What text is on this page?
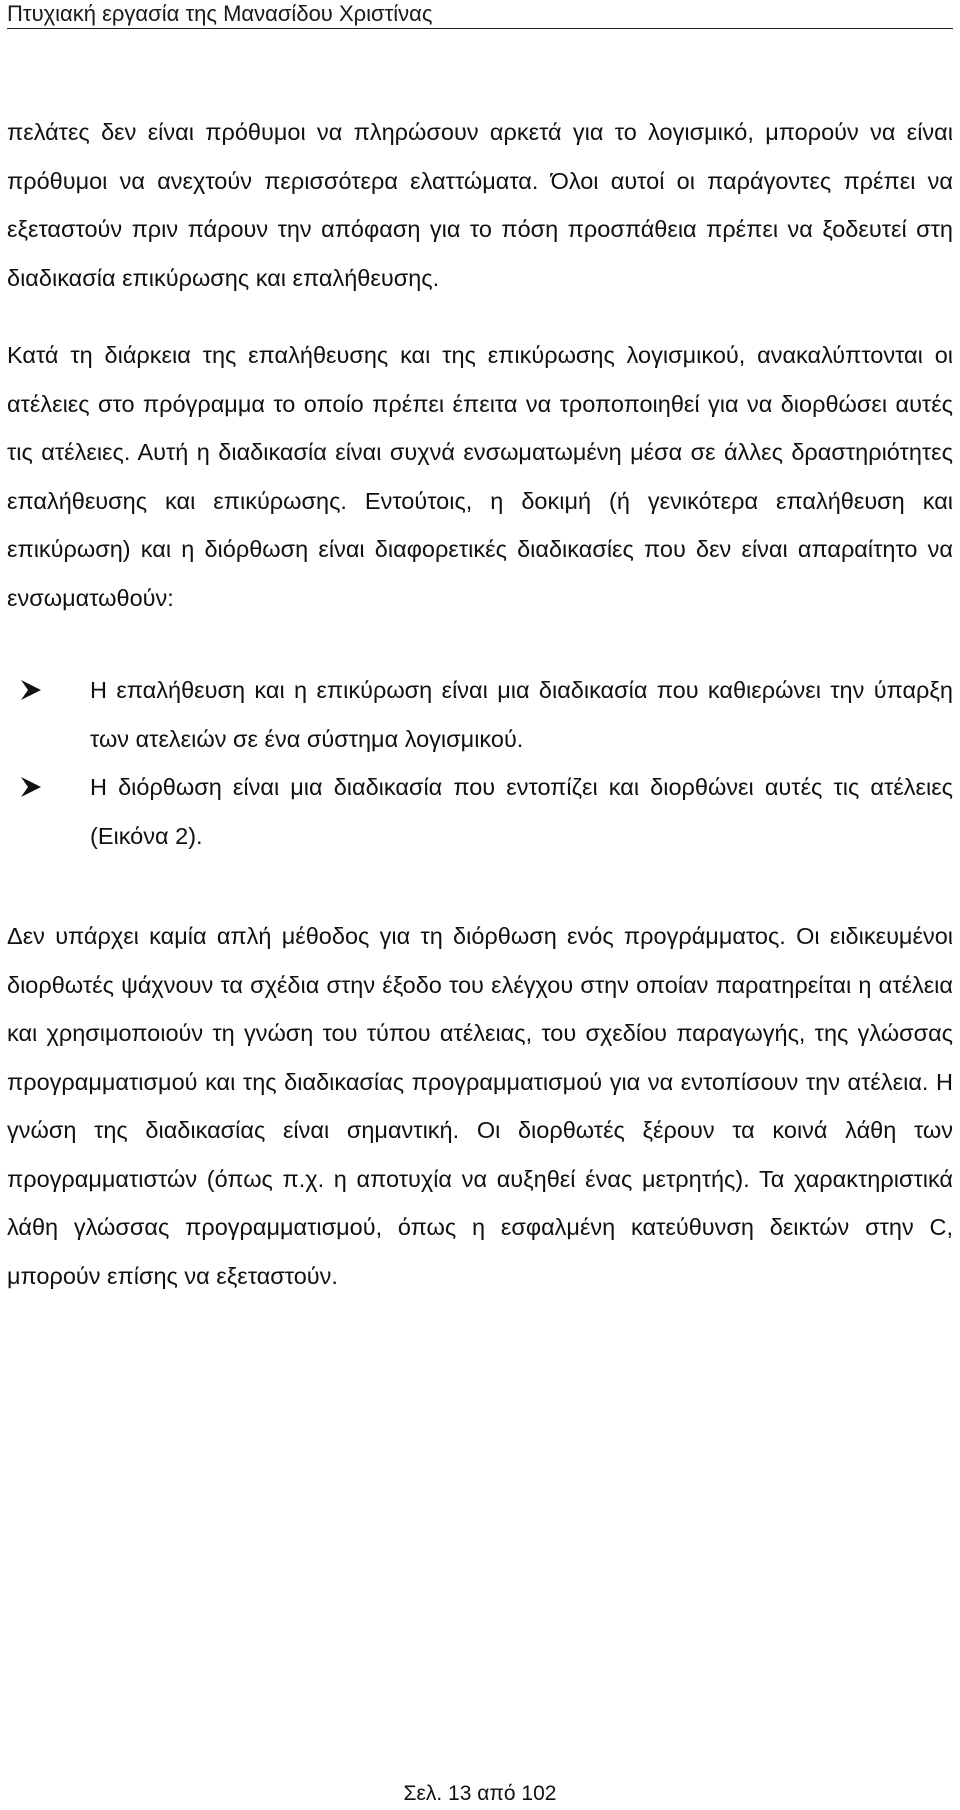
Πτυχιακή εργασία της Μανασίδου Χριστίνας

πελάτες δεν είναι πρόθυμοι να πληρώσουν αρκετά για το λογισμικό, μπορούν να είναι πρόθυμοι να ανεχτούν περισσότερα ελαττώματα. Όλοι αυτοί οι παράγοντες πρέπει να εξεταστούν πριν πάρουν την απόφαση για το πόση προσπάθεια πρέπει να ξοδευτεί στη διαδικασία επικύρωσης και επαλήθευσης.

Κατά τη διάρκεια της επαλήθευσης και της επικύρωσης λογισμικού, ανακαλύπτονται οι ατέλειες στο πρόγραμμα το οποίο πρέπει έπειτα να τροποποιηθεί για να διορθώσει αυτές τις ατέλειες. Αυτή η διαδικασία είναι συχνά ενσωματωμένη μέσα σε άλλες δραστηριότητες επαλήθευσης και επικύρωσης. Εντούτοις, η δοκιμή (ή γενικότερα επαλήθευση και επικύρωση) και η διόρθωση είναι διαφορετικές διαδικασίες που δεν είναι απαραίτητο να ενσωματωθούν:

Η επαλήθευση και η επικύρωση είναι μια διαδικασία που καθιερώνει την ύπαρξη των ατελειών σε ένα σύστημα λογισμικού.
Η διόρθωση είναι μια διαδικασία που εντοπίζει και διορθώνει αυτές τις ατέλειες (Εικόνα 2).

Δεν υπάρχει καμία απλή μέθοδος για τη διόρθωση ενός προγράμματος. Οι ειδικευμένοι διορθωτές ψάχνουν τα σχέδια στην έξοδο του ελέγχου στην οποίαν παρατηρείται η ατέλεια και χρησιμοποιούν τη γνώση του τύπου ατέλειας, του σχεδίου παραγωγής, της γλώσσας προγραμματισμού και της διαδικασίας προγραμματισμού για να εντοπίσουν την ατέλεια. Η γνώση της διαδικασίας είναι σημαντική. Οι διορθωτές ξέρουν τα κοινά λάθη των προγραμματιστών (όπως π.χ. η αποτυχία να αυξηθεί ένας μετρητής). Τα χαρακτηριστικά λάθη γλώσσας προγραμματισμού, όπως η εσφαλμένη κατεύθυνση δεικτών στην C, μπορούν επίσης να εξεταστούν.

Σελ. 13 από 102
